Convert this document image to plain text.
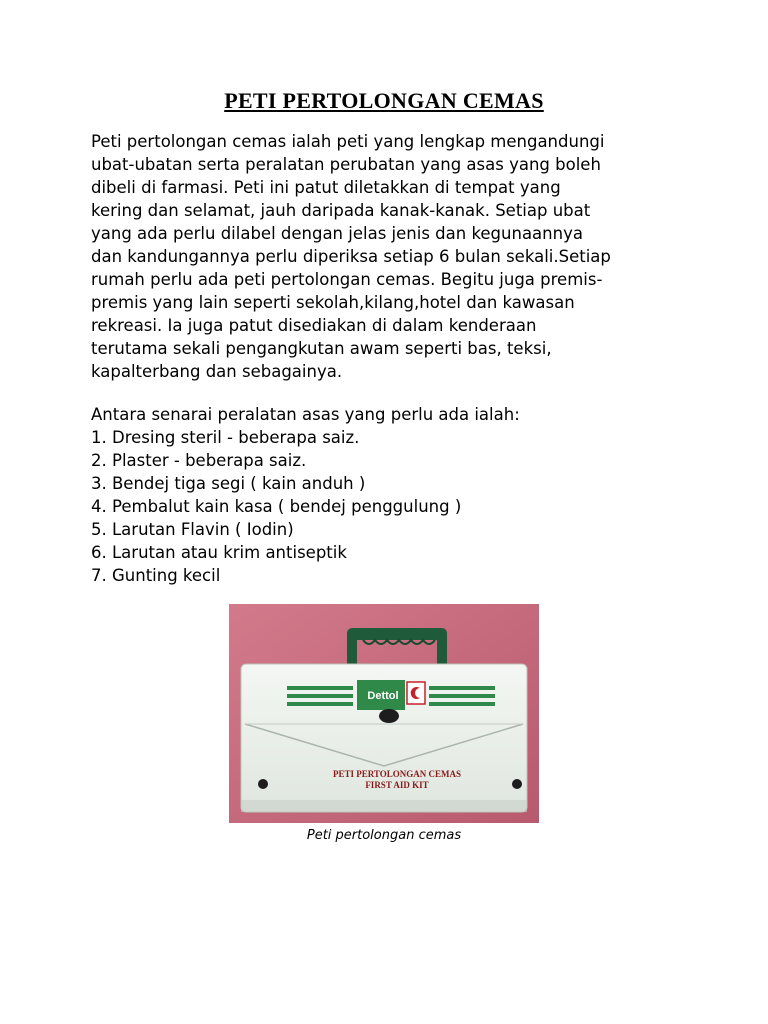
PETI PERTOLONGAN CEMAS
Peti pertolongan cemas ialah peti yang lengkap mengandungi
ubat-ubatan serta peralatan perubatan yang asas yang boleh
dibeli di farmasi. Peti ini patut diletakkan di tempat yang
kering dan selamat, jauh daripada kanak-kanak. Setiap ubat
yang ada perlu dilabel dengan jelas jenis dan kegunaannya
dan kandungannya perlu diperiksa setiap 6 bulan sekali.Setiap
rumah perlu ada peti pertolongan cemas. Begitu juga premis-
premis yang lain seperti sekolah,kilang,hotel dan kawasan
rekreasi. Ia juga patut disediakan di dalam kenderaan
terutama sekali pengangkutan awam seperti bas, teksi,
kapalterbang dan sebagainya.
Antara senarai peralatan asas yang perlu ada ialah:
1. Dresing steril - beberapa saiz.
2. Plaster - beberapa saiz.
3. Bendej tiga segi ( kain anduh )
4. Pembalut kain kasa ( bendej penggulung )
5. Larutan Flavin ( Iodin)
6. Larutan atau krim antiseptik
7. Gunting kecil
Dettol
PETI PERTOLONGAN CEMAS
FIRST AID KIT
Peti pertolongan cemas
